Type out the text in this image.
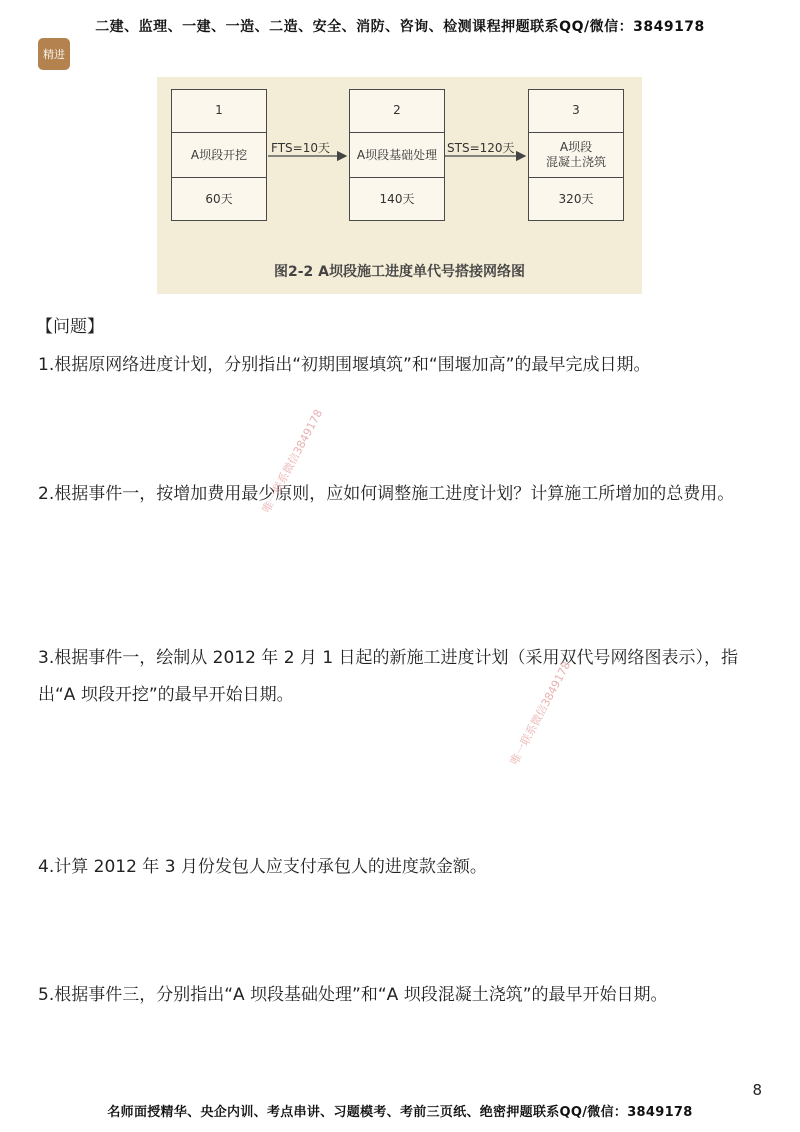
二建、监理、一建、一造、二造、安全、消防、咨询、检测课程押题联系QQ/微信：3849178
精进
1
A坝段开挖
60天
2
A坝段基础处理
140天
3
A坝段
混凝土浇筑
320天
FTS=10天	STS=120天
图2-2 A坝段施工进度单代号搭接网络图
【问题】
1.根据原网络进度计划，分别指出“初期围堰填筑”和“围堰加高”的最早完成日期。
2.根据事件一，按增加费用最少原则，应如何调整施工进度计划？计算施工所增加的总费用。
3.根据事件一，绘制从 2012 年 2 月 1 日起的新施工进度计划（采用双代号网络图表示），指出“A 坝段开挖”的最早开始日期。
4.计算 2012 年 3 月份发包人应支付承包人的进度款金额。
5.根据事件三，分别指出“A 坝段基础处理”和“A 坝段混凝土浇筑”的最早开始日期。
唯一联系微信3849178
唯一联系微信3849178
8
名师面授精华、央企内训、考点串讲、习题模考、考前三页纸、绝密押题联系QQ/微信：3849178
